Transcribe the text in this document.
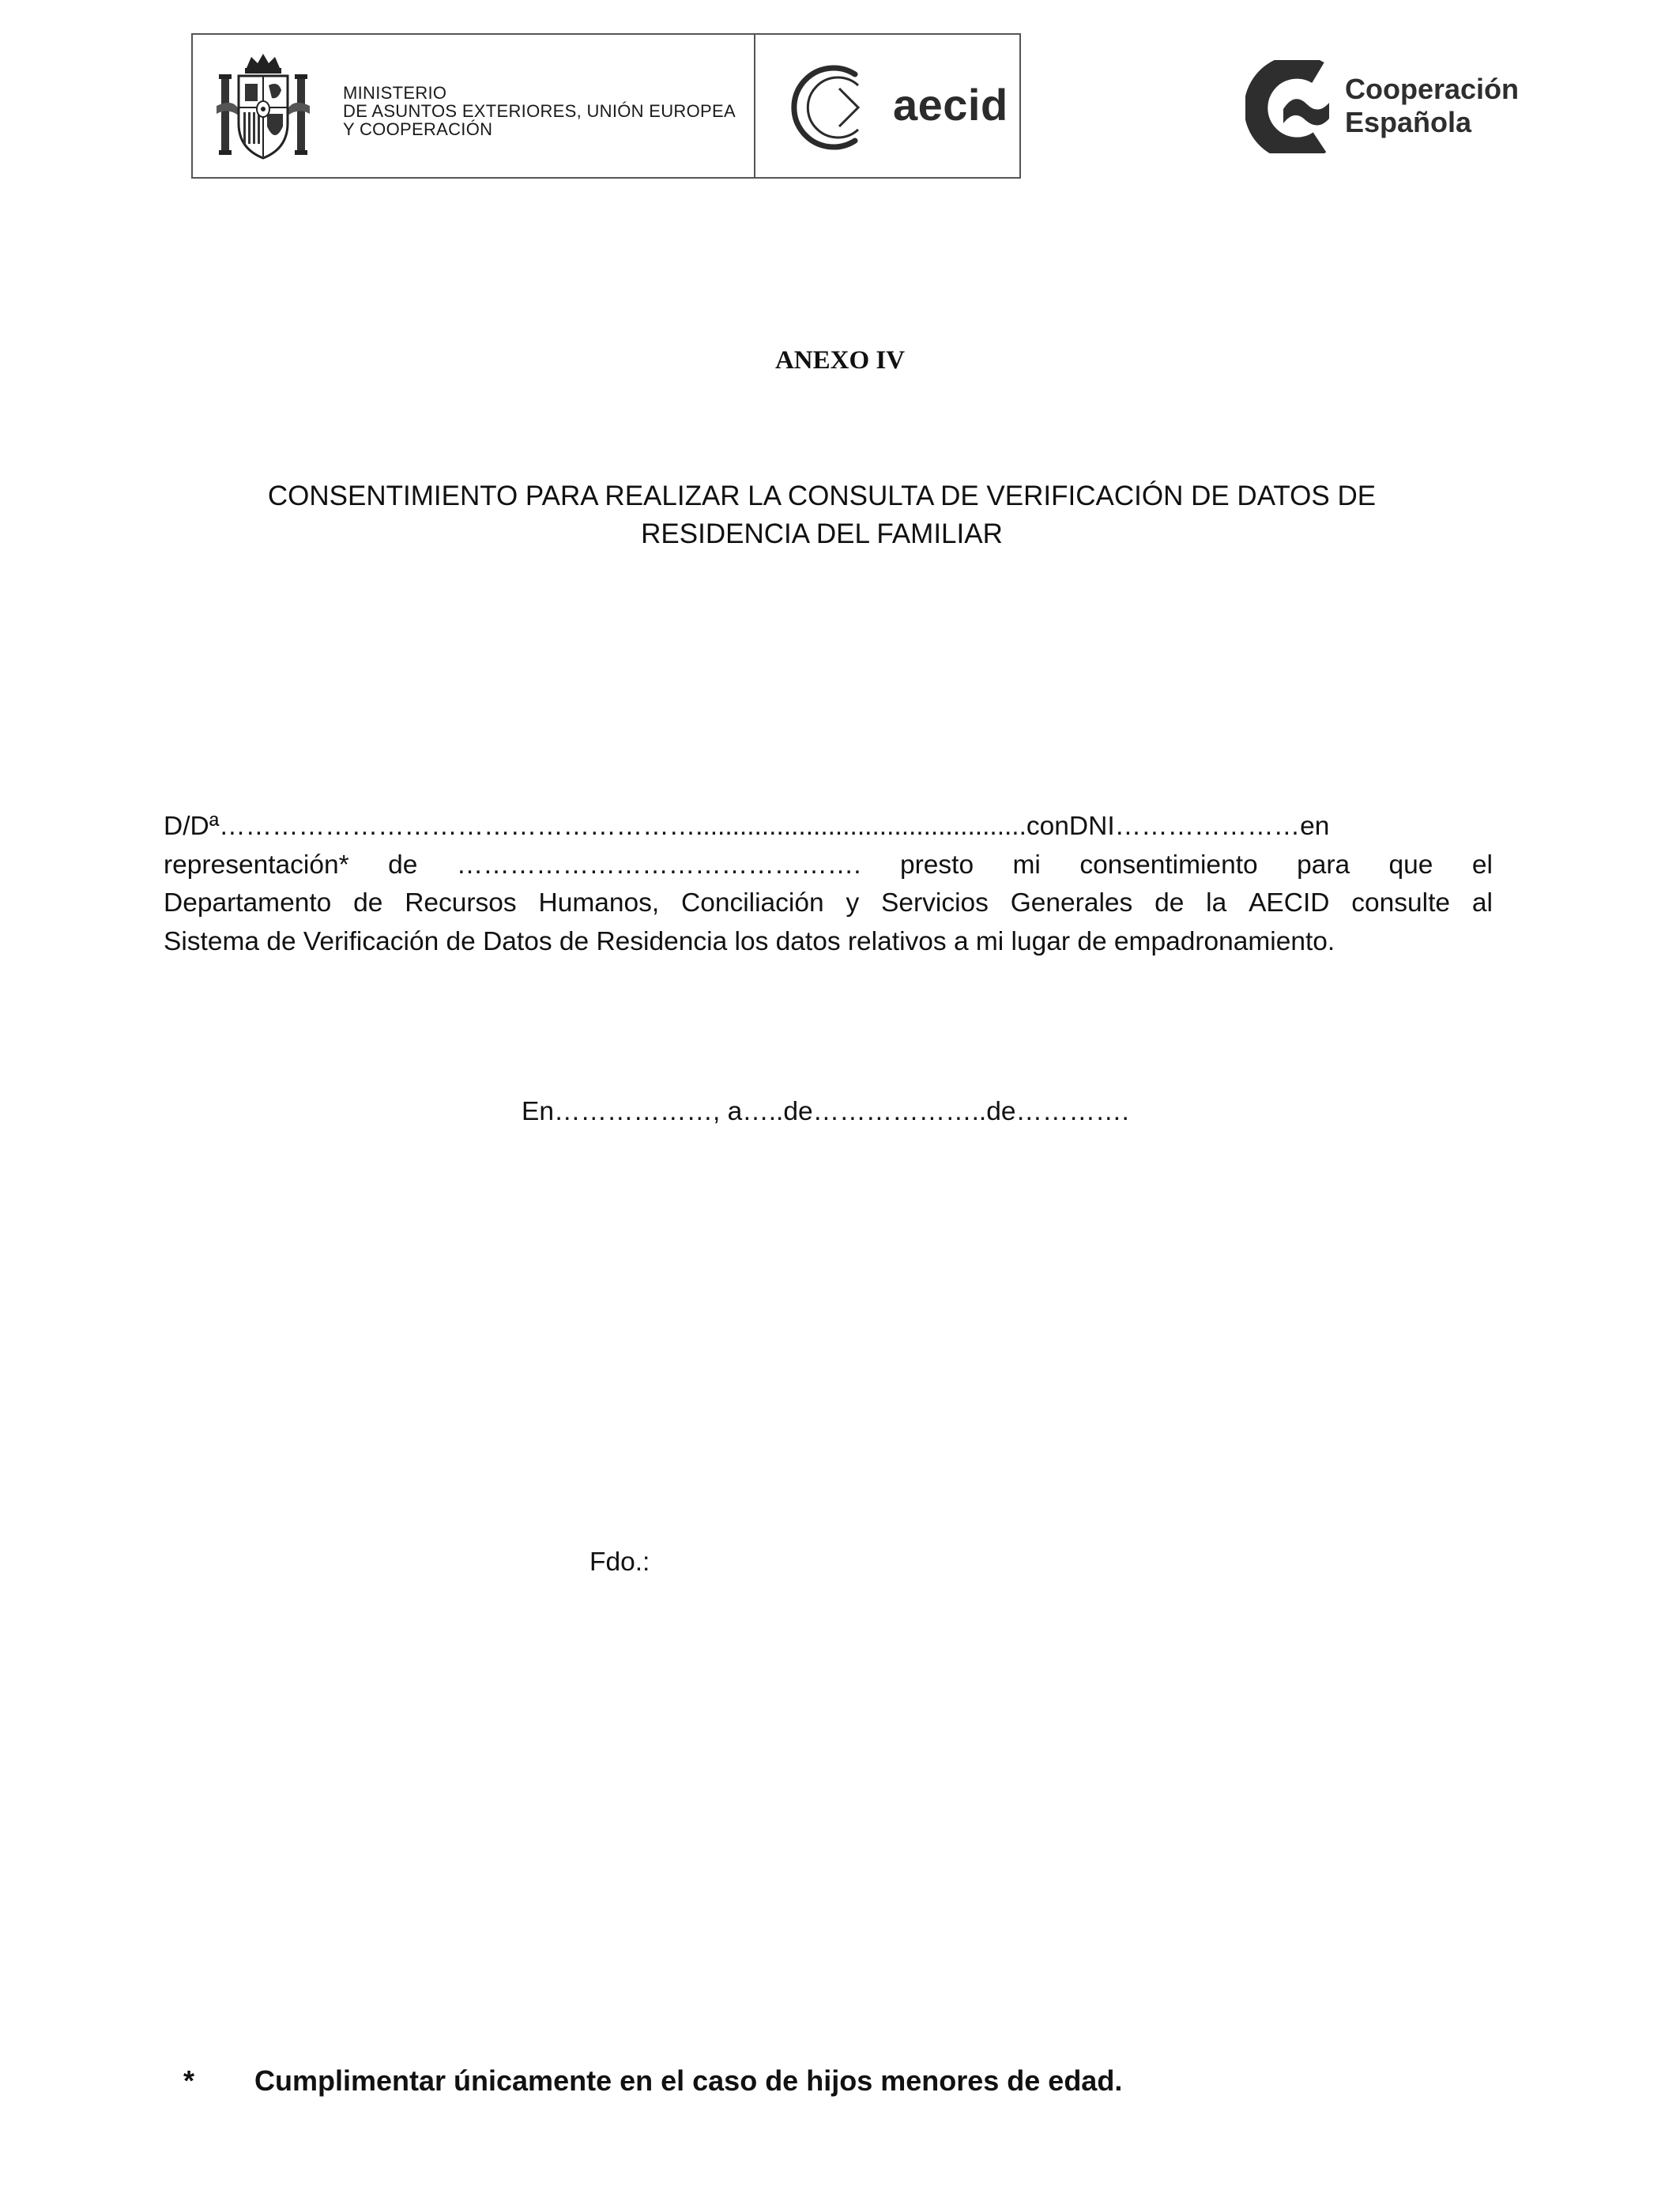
MINISTERIO
DE ASUNTOS EXTERIORES, UNIÓN EUROPEA
Y COOPERACIÓN	aecid	Cooperación
Española
ANEXO IV
CONSENTIMIENTO PARA REALIZAR LA CONSULTA DE VERIFICACIÓN DE DATOS DE
RESIDENCIA DEL FAMILIAR
D/Dª……………………………………………….............................................conDNI…………………en
representación* de ………………………………………. presto mi consentimiento para que el
Departamento de Recursos Humanos, Conciliación y Servicios Generales de la AECID consulte al
Sistema de Verificación de Datos de Residencia los datos relativos a mi lugar de empadronamiento.
En………………, a…..de………………..de………….
Fdo.:
* Cumplimentar únicamente en el caso de hijos menores de edad.
